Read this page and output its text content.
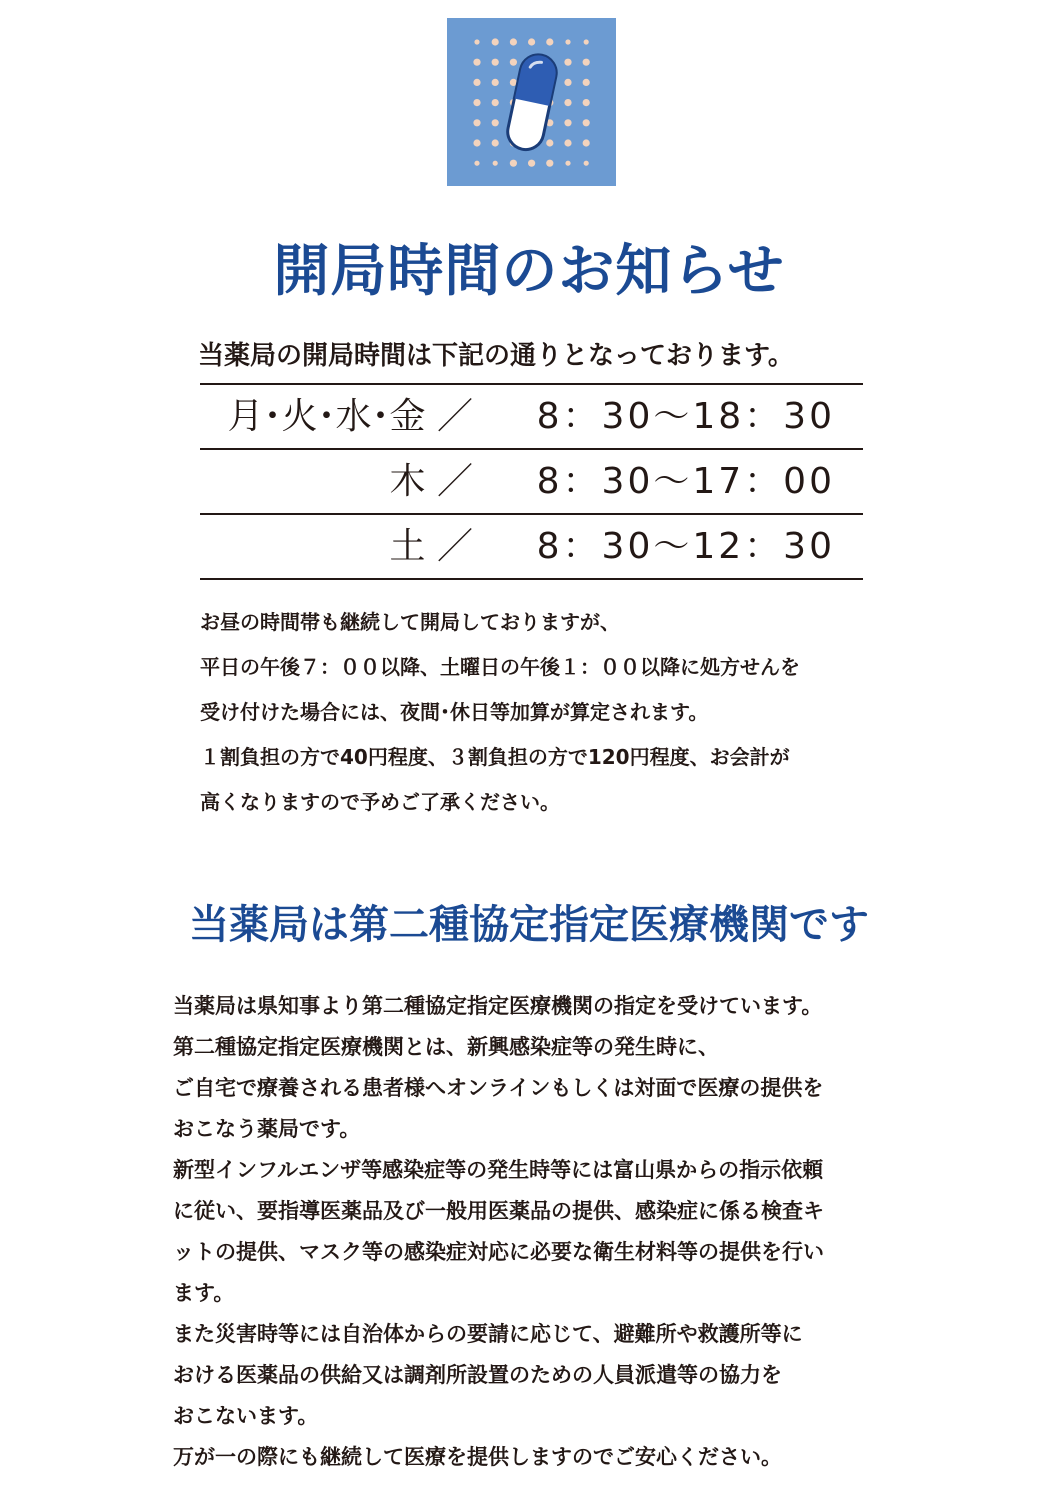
開局時間のお知らせ
当薬局の開局時間は下記の通りとなっております。
月･火･水･金 ／ 8：30〜18：30
木 ／ 8：30〜17：00
土 ／ 8：30〜12：30

お昼の時間帯も継続して開局しておりますが、

平日の午後７：００以降、土曜日の午後１：００以降に処方せんを

受け付けた場合には、夜間･休日等加算が算定されます。

１割負担の方で40円程度、３割負担の方で120円程度、お会計が

高くなりますので予めご了承ください。

当薬局は第二種協定指定医療機関です

当薬局は県知事より第二種協定指定医療機関の指定を受けています。

第二種協定指定医療機関とは、新興感染症等の発生時に、

ご自宅で療養される患者様へオンラインもしくは対面で医療の提供を

おこなう薬局です。

新型インフルエンザ等感染症等の発生時等には富山県からの指示依頼

に従い、要指導医薬品及び一般用医薬品の提供、感染症に係る検査キ

ットの提供、マスク等の感染症対応に必要な衛生材料等の提供を行い

ます。

また災害時等には自治体からの要請に応じて、避難所や救護所等に

おける医薬品の供給又は調剤所設置のための人員派遣等の協力を

おこないます。

万が一の際にも継続して医療を提供しますのでご安心ください。
